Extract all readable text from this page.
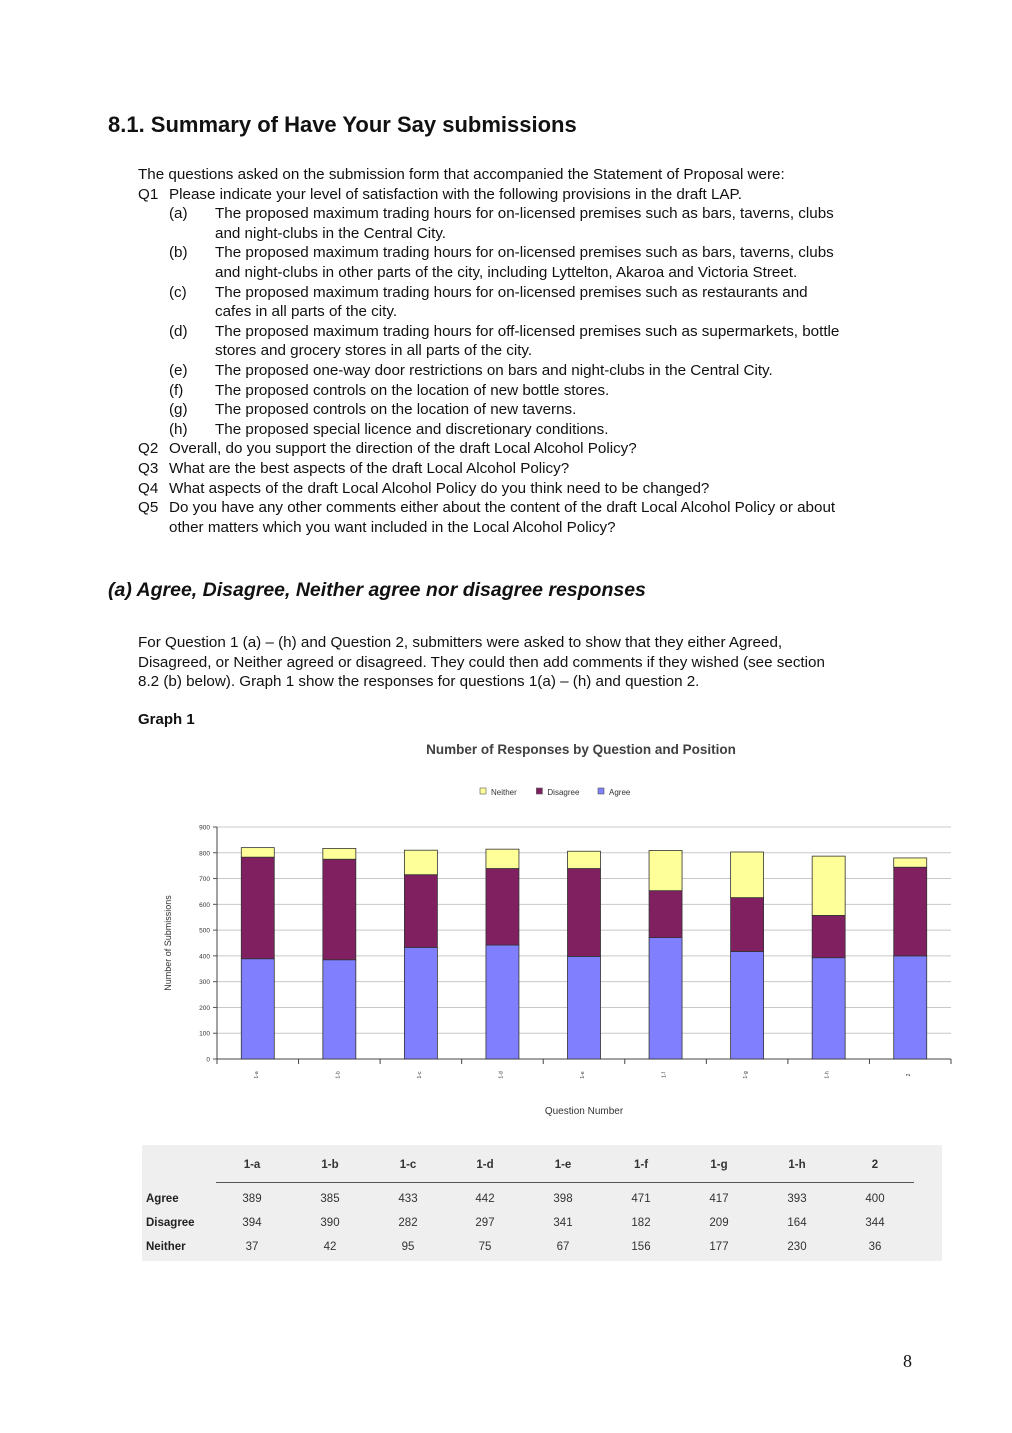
8.1. Summary of Have Your Say submissions
The questions asked on the submission form that accompanied the Statement of Proposal were:
Q1 Please indicate your level of satisfaction with the following provisions in the draft LAP.
(a) The proposed maximum trading hours for on-licensed premises such as bars, taverns, clubs
and night-clubs in the Central City.
(b) The proposed maximum trading hours for on-licensed premises such as bars, taverns, clubs
and night-clubs in other parts of the city, including Lyttelton, Akaroa and Victoria Street.
(c) The proposed maximum trading hours for on-licensed premises such as restaurants and
cafes in all parts of the city.
(d) The proposed maximum trading hours for off-licensed premises such as supermarkets, bottle
stores and grocery stores in all parts of the city.
(e) The proposed one-way door restrictions on bars and night-clubs in the Central City.
(f) The proposed controls on the location of new bottle stores.
(g) The proposed controls on the location of new taverns.
(h) The proposed special licence and discretionary conditions.
Q2 Overall, do you support the direction of the draft Local Alcohol Policy?
Q3 What are the best aspects of the draft Local Alcohol Policy?
Q4 What aspects of the draft Local Alcohol Policy do you think need to be changed?
Q5 Do you have any other comments either about the content of the draft Local Alcohol Policy or about
other matters which you want included in the Local Alcohol Policy?
(a) Agree, Disagree, Neither agree nor disagree responses
For Question 1 (a) – (h) and Question 2, submitters were asked to show that they either Agreed,
Disagreed, or Neither agreed or disagreed. They could then add comments if they wished (see section
8.2 (b) below). Graph 1 show the responses for questions 1(a) – (h) and question 2.
Graph 1
Number of Responses by Question and Position
Neither	Disagree	Agree
0
100
200
300
400
500
600
700
800
900
Number of Submissions
Question Number
1-a	1-b	1-c	1-d	1-e	1-f	1-g	1-h	2
1-a	1-b	1-c	1-d	1-e	1-f	1-g	1-h	2
Agree	389	385	433	442	398	471	417	393	400
Disagree	394	390	282	297	341	182	209	164	344
Neither	37	42	95	75	67	156	177	230	36
8
